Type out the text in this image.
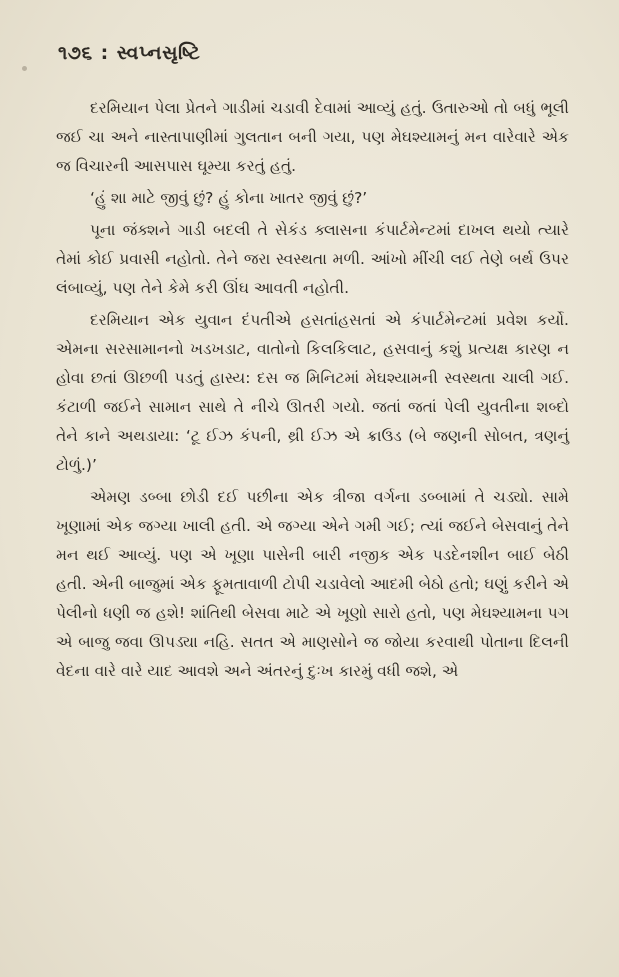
૧૭૬ : સ્વપ્નસૃષ્ટિ

દરમિયાન પેલા પ્રેતને ગાડીમાં ચડાવી દેવામાં આવ્યું હતું. ઉતારુઓ તો બધું ભૂલી જઈ ચા અને નાસ્તાપાણીમાં ગુલતાન બની ગયા, પણ મેઘશ્યામનું મન વારેવારે એક જ વિચારની આસપાસ ઘૂમ્યા કરતું હતું.

‘હું શા માટે જીવું છું? હું કોના ખાતર જીવું છું?’

પૂના જંક્શને ગાડી બદલી તે સેકંડ ક્લાસના કંપાર્ટમેન્ટમાં દાખલ થયો ત્યારે તેમાં કોઈ પ્રવાસી નહોતો. તેને જરા સ્વસ્થતા મળી. આંખો મીંચી લઈ તેણે બર્થ ઉપર લંબાવ્યું, પણ તેને કેમે કરી ઊંઘ આવતી નહોતી.

દરમિયાન એક યુવાન દંપતીએ હસતાંહસતાં એ કંપાર્ટમેન્ટમાં પ્રવેશ કર્યો. એમના સરસામાનનો ખડખડાટ, વાતોનો કિલકિલાટ, હસવાનું કશું પ્રત્યક્ષ કારણ ન હોવા છતાં ઊછળી પડતું હાસ્ય: દસ જ મિનિટમાં મેઘશ્યામની સ્વસ્થતા ચાલી ગઈ. કંટાળી જઈને સામાન સાથે તે નીચે ઊતરી ગયો. જતાં જતાં પેલી યુવતીના શબ્દો તેને કાને અથડાયા: ‘ટૂ ઈઝ કંપની, થ્રી ઈઝ એ ક્રાઉડ (બે જણની સોબત, ત્રણનું ટોળું.)’

એમણ ડબ્બા છોડી દઈ પછીના એક ત્રીજા વર્ગના ડબ્બામાં તે ચડ્યો. સામે ખૂણામાં એક જગ્યા ખાલી હતી. એ જગ્યા એને ગમી ગઈ; ત્યાં જઈને બેસવાનું તેને મન થઈ આવ્યું. પણ એ ખૂણા પાસેની બારી નજીક એક પડદેનશીન બાઈ બેઠી હતી. એની બાજુમાં એક ફૂમતાવાળી ટોપી ચડાવેલો આદમી બેઠો હતો; ઘણું કરીને એ પેલીનો ધણી જ હશે! શાંતિથી બેસવા માટે એ ખૂણો સારો હતો, પણ મેઘશ્યામના પગ એ બાજુ જવા ઊપડ્યા નહિ. સતત એ માણસોને જ જોયા કરવાથી પોતાના દિલની વેદના વારે વારે યાદ આવશે અને અંતરનું દુઃખ કારમું વધી જશે, એ
